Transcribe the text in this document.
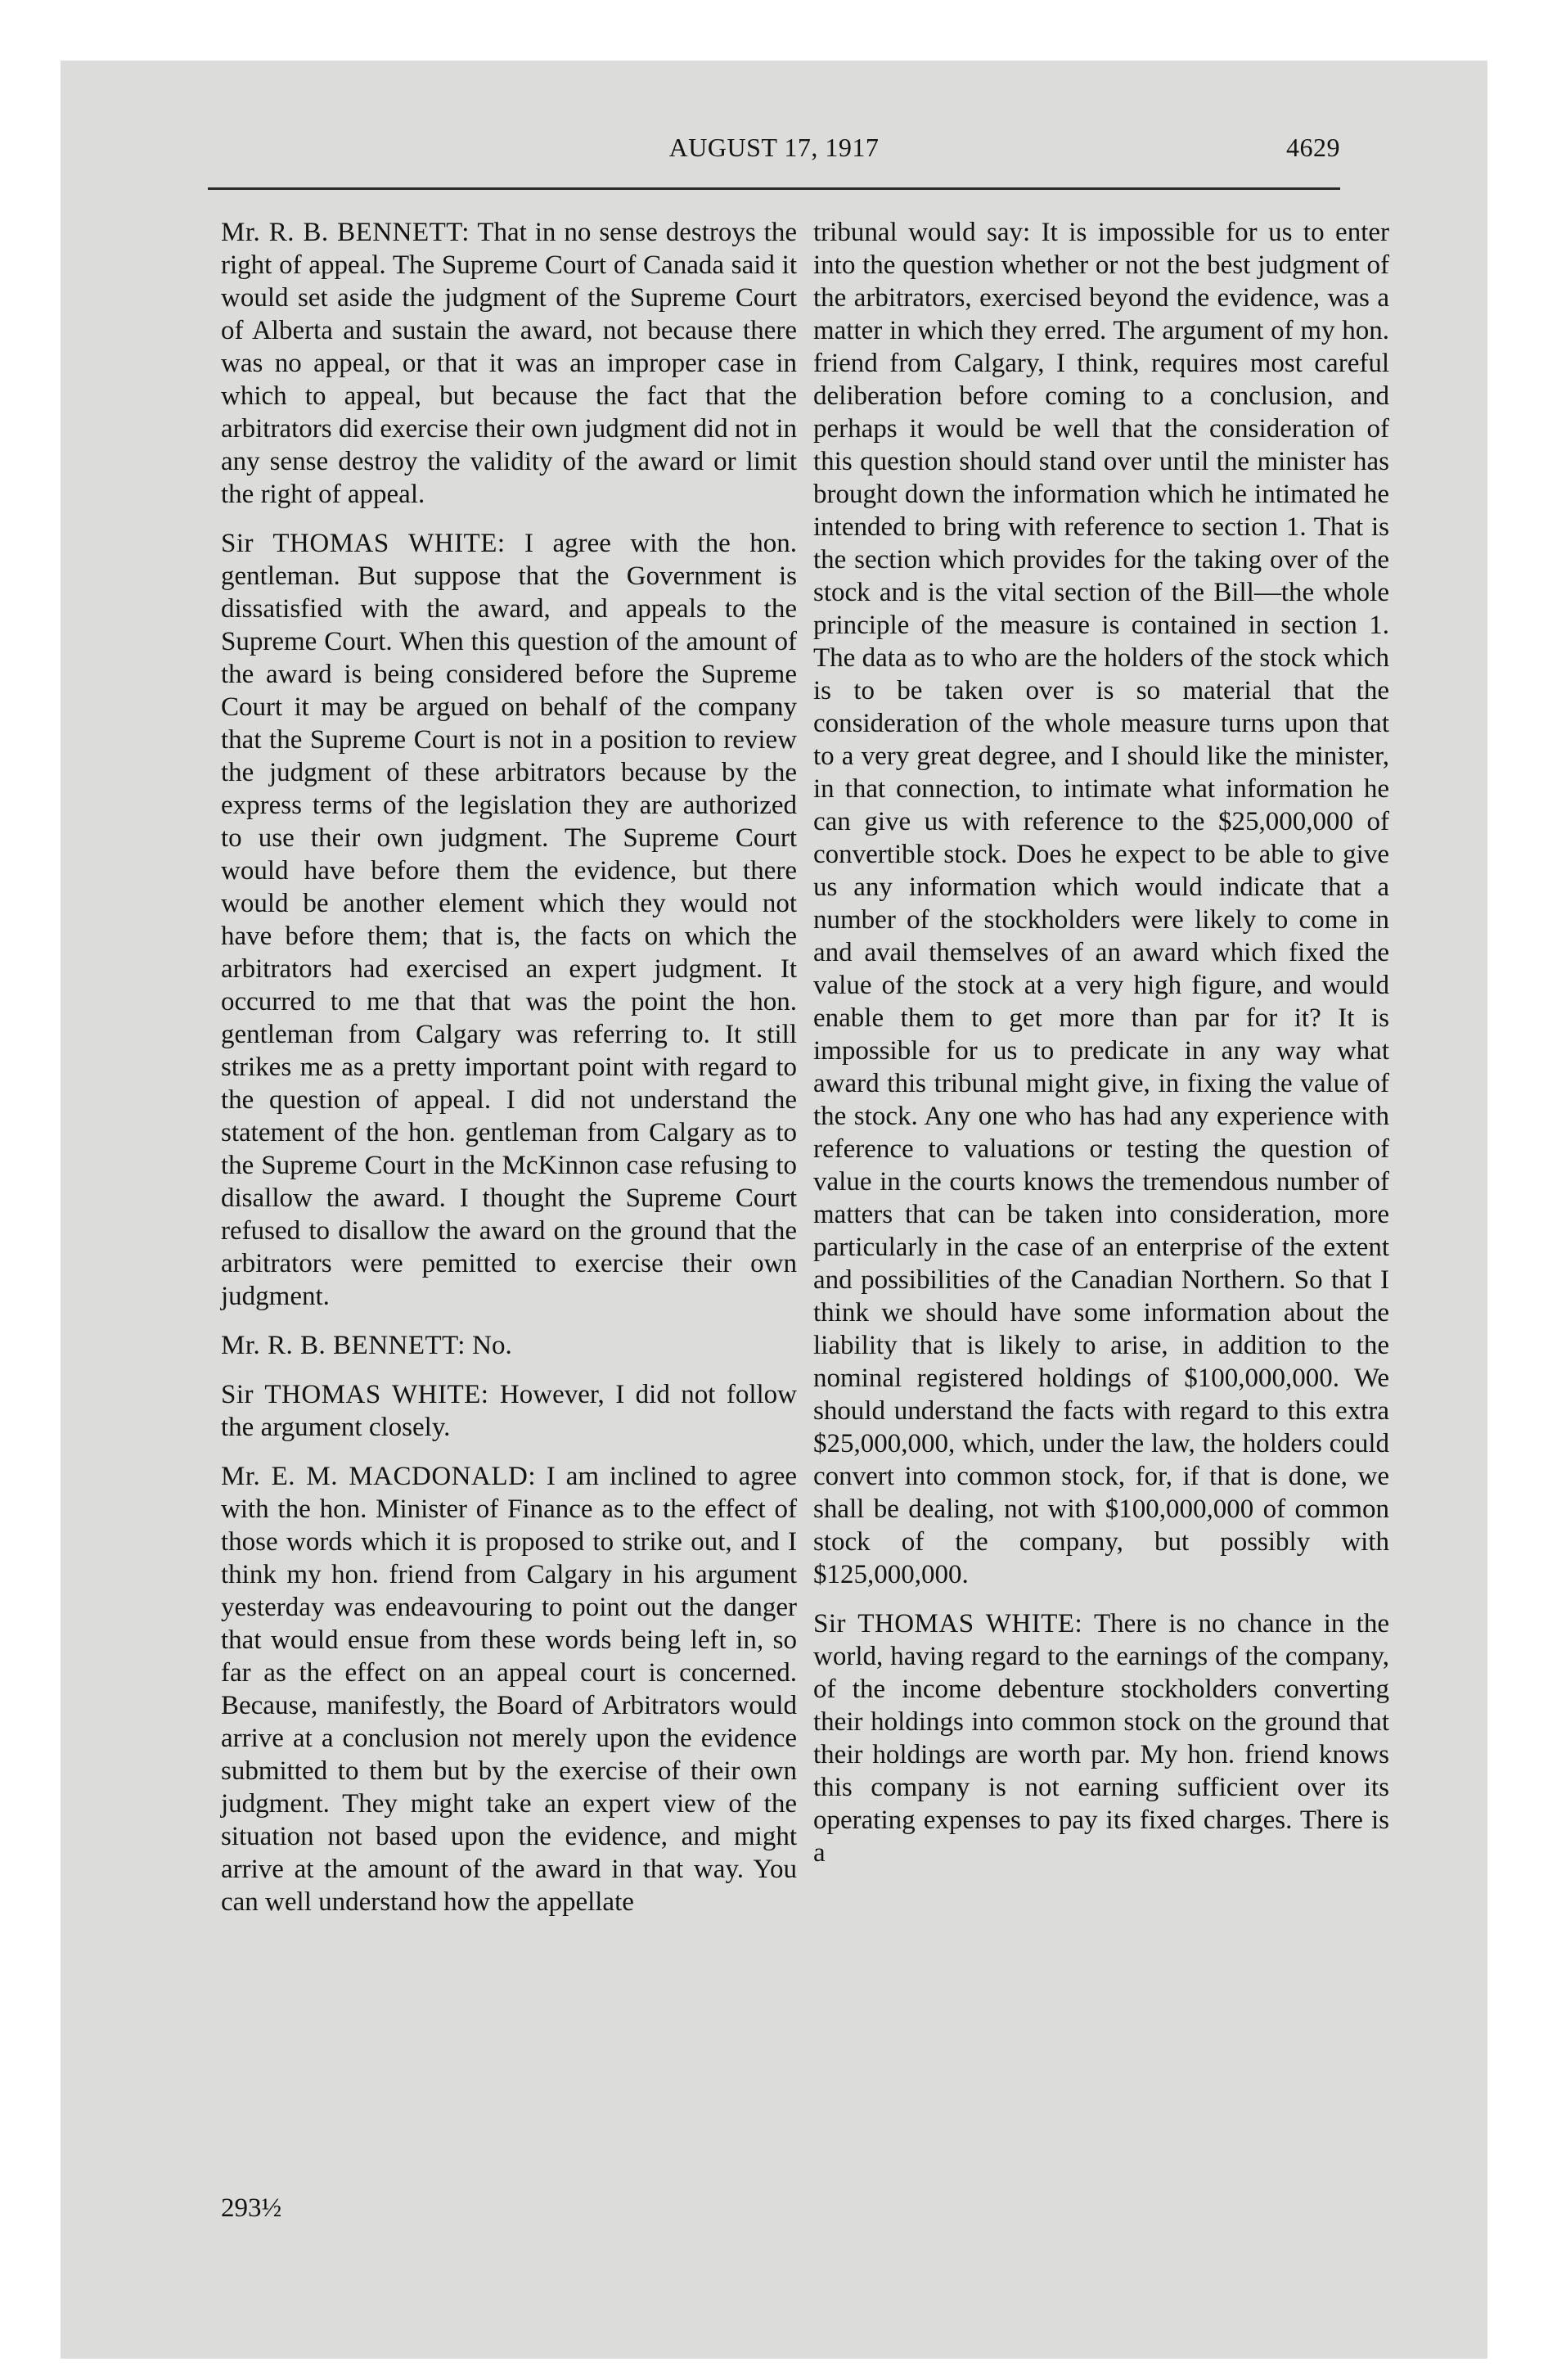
AUGUST 17, 1917	4629

Mr. R. B. BENNETT: That in no sense destroys the right of appeal. The Supreme Court of Canada said it would set aside the judgment of the Supreme Court of Alberta and sustain the award, not because there was no appeal, or that it was an improper case in which to appeal, but because the fact that the arbitrators did exercise their own judgment did not in any sense destroy the validity of the award or limit the right of appeal.

Sir THOMAS WHITE: I agree with the hon. gentleman. But suppose that the Government is dissatisfied with the award, and appeals to the Supreme Court. When this question of the amount of the award is being considered before the Supreme Court it may be argued on behalf of the company that the Supreme Court is not in a position to review the judgment of these arbitrators because by the express terms of the legislation they are authorized to use their own judgment. The Supreme Court would have before them the evidence, but there would be another element which they would not have before them; that is, the facts on which the arbitrators had exercised an expert judgment. It occurred to me that that was the point the hon. gentleman from Calgary was referring to. It still strikes me as a pretty important point with regard to the question of appeal. I did not understand the statement of the hon. gentleman from Calgary as to the Supreme Court in the McKinnon case refusing to disallow the award. I thought the Supreme Court refused to disallow the award on the ground that the arbitrators were pemitted to exercise their own judgment.

Mr. R. B. BENNETT: No.

Sir THOMAS WHITE: However, I did not follow the argument closely.

Mr. E. M. MACDONALD: I am inclined to agree with the hon. Minister of Finance as to the effect of those words which it is proposed to strike out, and I think my hon. friend from Calgary in his argument yesterday was endeavouring to point out the danger that would ensue from these words being left in, so far as the effect on an appeal court is concerned. Because, manifestly, the Board of Arbitrators would arrive at a conclusion not merely upon the evidence submitted to them but by the exercise of their own judgment. They might take an expert view of the situation not based upon the evidence, and might arrive at the amount of the award in that way. You can well understand how the appellate

tribunal would say: It is impossible for us to enter into the question whether or not the best judgment of the arbitrators, exercised beyond the evidence, was a matter in which they erred. The argument of my hon. friend from Calgary, I think, requires most careful deliberation before coming to a conclusion, and perhaps it would be well that the consideration of this question should stand over until the minister has brought down the information which he intimated he intended to bring with reference to section 1. That is the section which provides for the taking over of the stock and is the vital section of the Bill—the whole principle of the measure is contained in section 1. The data as to who are the holders of the stock which is to be taken over is so material that the consideration of the whole measure turns upon that to a very great degree, and I should like the minister, in that connection, to intimate what information he can give us with reference to the $25,000,000 of convertible stock. Does he expect to be able to give us any information which would indicate that a number of the stockholders were likely to come in and avail themselves of an award which fixed the value of the stock at a very high figure, and would enable them to get more than par for it? It is impossible for us to predicate in any way what award this tribunal might give, in fixing the value of the stock. Any one who has had any experience with reference to valuations or testing the question of value in the courts knows the tremendous number of matters that can be taken into consideration, more particularly in the case of an enterprise of the extent and possibilities of the Canadian Northern. So that I think we should have some information about the liability that is likely to arise, in addition to the nominal registered holdings of $100,000,000. We should understand the facts with regard to this extra $25,000,000, which, under the law, the holders could convert into common stock, for, if that is done, we shall be dealing, not with $100,000,000 of common stock of the company, but possibly with $125,000,000.

Sir THOMAS WHITE: There is no chance in the world, having regard to the earnings of the company, of the income debenture stockholders converting their holdings into common stock on the ground that their holdings are worth par. My hon. friend knows this company is not earning sufficient over its operating expenses to pay its fixed charges. There is a

293½
